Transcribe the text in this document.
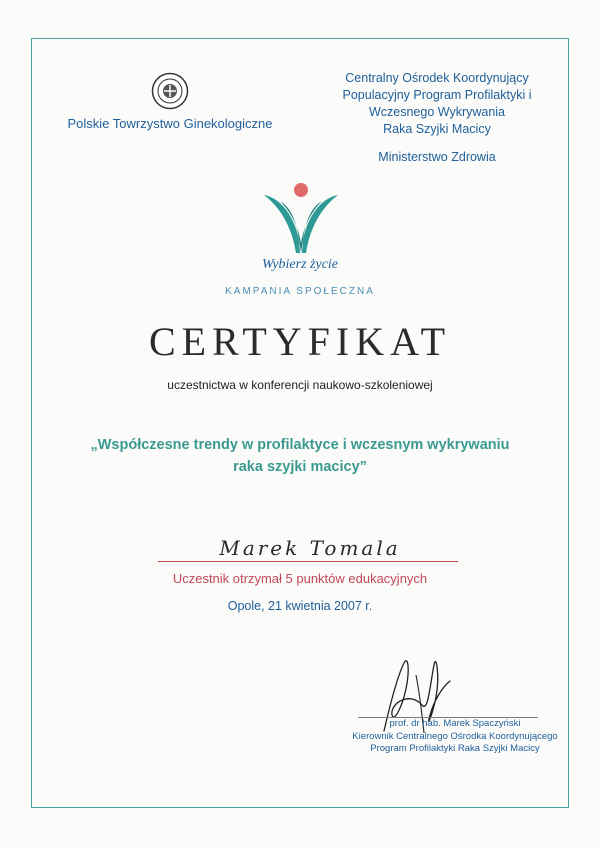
Polskie Towrzystwo Ginekologiczne
Centralny Ośrodek Koordynujący
Populacyjny Program Profilaktyki i
Wczesnego Wykrywania
Raka Szyjki Macicy
Ministerstwo Zdrowia
Wybierz życie
KAMPANIA SPOŁECZNA
CERTYFIKAT
uczestnictwa w konferencji naukowo-szkoleniowej
„Współczesne trendy w profilaktyce i wczesnym wykrywaniu
raka szyjki macicy”
Marek Tomala
Uczestnik otrzymał 5 punktów edukacyjnych
Opole, 21 kwietnia 2007 r.
prof. dr hab. Marek Spaczyński
Kierownik Centralnego Ośrodka Koordynującego
Program Profilaktyki Raka Szyjki Macicy
